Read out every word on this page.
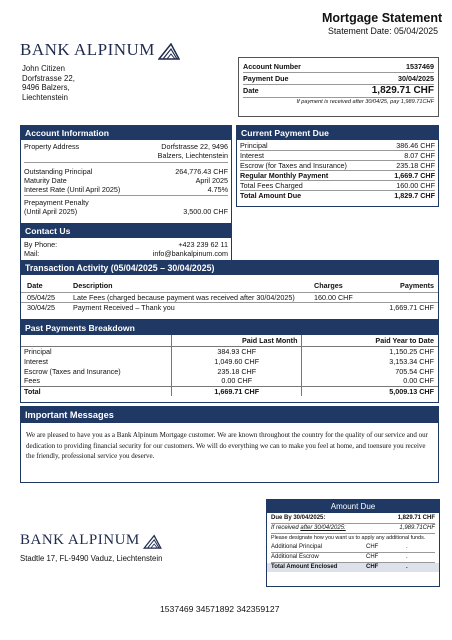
Mortgage Statement
Statement Date: 05/04/2025
BANK ALPINUM
John Citizen
Dorfstrasse 22,
9496 Balzers,
Liechtenstein
Account Number	1537469
Payment Due	30/04/2025
Date	1,829.71 CHF
If payment is received after 30/04/25, pay 1,989.71CHF
Account Information
Property Address	Dorfstrasse 22, 9496
Balzers, Liechtenstein
Outstanding Principal	264,776.43 CHF
Maturity Date	April 2025
Interest Rate (Until April 2025)	4.75%
Prepayment Penalty
(Until April 2025)	3,500.00 CHF
Contact Us
By Phone:	+423 239 62 11
Mail:	info@bankalpinum.com
Current Payment Due
Principal	386.46 CHF
Interest	8.07 CHF
Escrow (for Taxes and Insurance)	235.18 CHF
Regular Monthly Payment	1,669.7 CHF
Total Fees Charged	160.00 CHF
Total Amount Due	1,829.7 CHF
Transaction Activity (05/04/2025 – 30/04/2025)
Date	Description	Charges	Payments
05/04/25	Late Fees (charged because payment was received after 30/04/2025)	160.00 CHF	
30/04/25	Payment Received – Thank you		1,669.71 CHF
Past Payments Breakdown
	Paid Last Month	Paid Year to Date
Principal	384.93 CHF	1,150.25 CHF
Interest	1,049.60 CHF	3,153.34 CHF
Escrow (Taxes and Insurance)	235.18 CHF	705.54 CHF
Fees	0.00 CHF	0.00 CHF
Total	1,669.71 CHF	5,009.13 CHF
Important Messages
We are pleased to have you as a Bank Alpinum Mortgage customer. We are known throughout the country for the quality of our service and our dedication to providing financial security for our customers. We will do everything we can to make you feel at home, and toensure you receive the friendly, professional service you deserve.
Amount Due
Due By 30/04/2025:	1,829.71 CHF
If received after 30/04/2025:	1,989.71CHF
Please designate how you want us to apply any additional funds.
Additional Principal	CHF	.
Additional Escrow	CHF	.
Total Amount Enclosed	CHF	.
BANK ALPINUM
Stadtle 17, FL-9490 Vaduz, Liechtenstein
1537469 34571892 342359127
